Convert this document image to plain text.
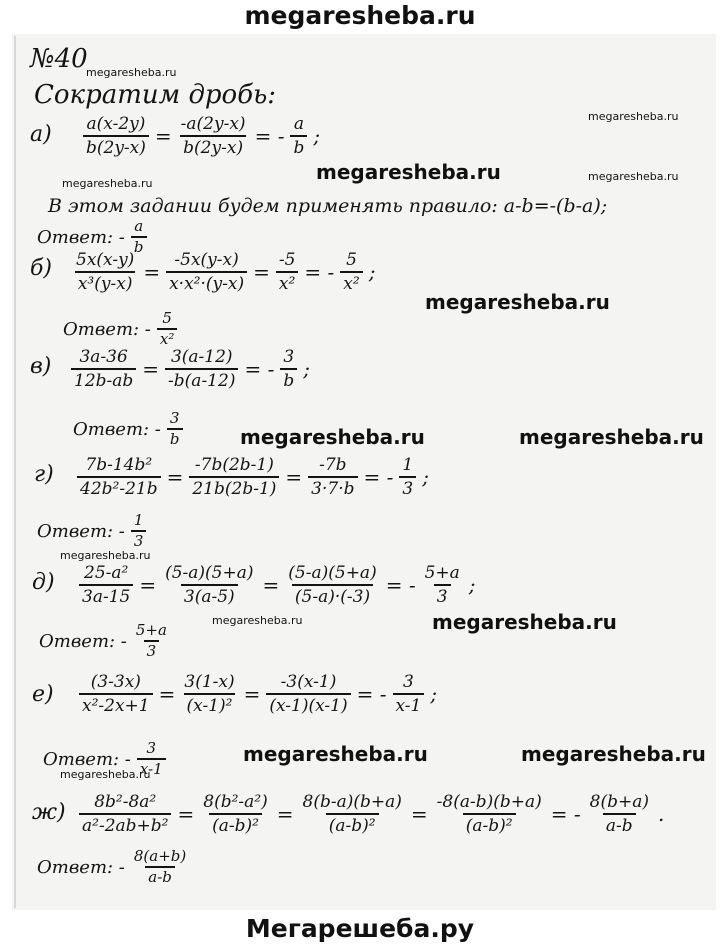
megaresheba.ru
megaresheba.ru
megaresheba.ru
megaresheba.ru
megaresheba.ru
megaresheba.ru
megaresheba.ru
megaresheba.ru	megaresheba.ru
megaresheba.ru
megaresheba.ru	megaresheba.ru
megaresheba.ru	megaresheba.ru
megaresheba.ru
№40
Сократим дробь:
$a) \frac{a(x-2y)}{b(2y-x)} = \frac{-a(2y-x)}{b(2y-x)}$ = - $\frac{a}{b}$ ;
В этом задании будем применять правило: a-b=-(b-a);
Ответ: - $\frac{a}{b}$
$б) \frac{5x(x-y)}{\text{x³(y-x)}} = \frac{-5x(y-x)}{\text{x·x²·(y-x)}} = \frac{-5}{\text{x²}}$ = - $\frac{5}{\text{x²}}$ ;
Ответ: - $\frac{5}{\text{x²}}$
$в) \frac{3a-36}{12b-ab} = \frac{3(a-12)}{-b(a-12)}$ = - $\frac{3}{b}$ ;
Ответ: - $\frac{3}{b}$
$г) \frac{\text{7b-14b²}}{\text{42b²-21b}} = \frac{-7b(2b-1)}{21b(2b-1)} = \frac{-7b}{3\cdot 7\cdot b}$ = - $\frac{1}{3}$ ;
Ответ: - $\frac{1}{3}$
$д) \frac{\text{25-a²}}{3a-15} = \frac{(5-a)(5+a)}{3(a-5)} = \frac{(5-a)(5+a)}{(5-a)\cdot(-3)}$ = - $\frac{5+a}{3}$ ;
Ответ: - $\frac{5+a}{3}$
$е) \frac{(3-3x)}{\text{x²-2x+1}} = \frac{3(1-x)}{\text{(x-1)²}} = \frac{-3(x-1)}{(x-1)(x-1)}$ = - $\frac{3}{x-1}$ ;
Ответ: - $\frac{3}{x-1}$
$ж) \frac{\text{8b²-8a²}}{\text{a²-2ab+b²}} = \frac{\text{8(b²-a²)}}{\text{(a-b)²}} = \frac{8(b-a)(b+a)}{\text{(a-b)²}} = \frac{-8(a-b)(b+a)}{\text{(a-b)²}}$ = - $\frac{8(b+a)}{a-b}$ .
Ответ: - $\frac{8(a+b)}{a-b}$
Мегарешеба.ру
